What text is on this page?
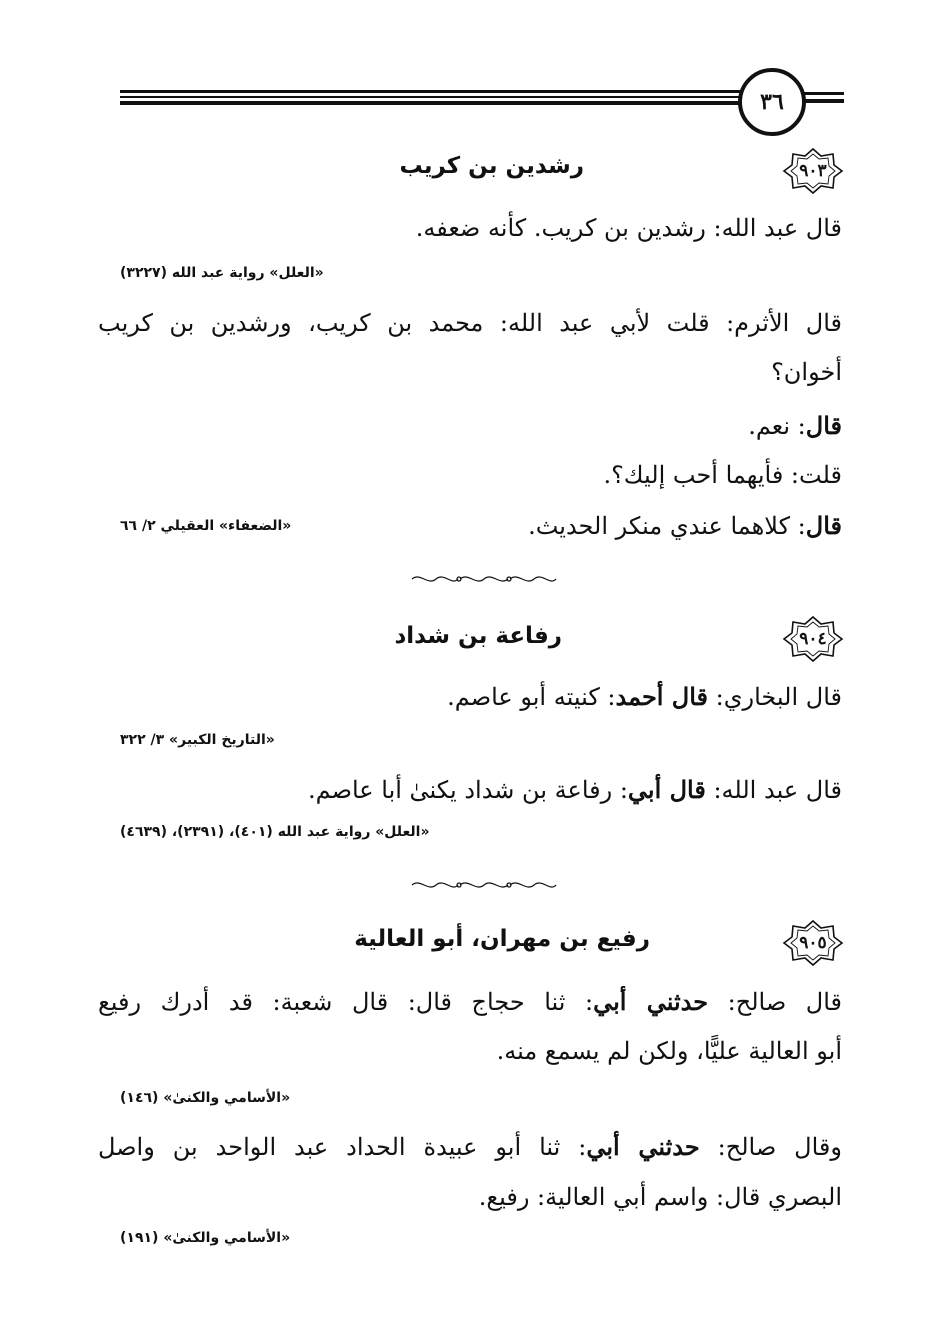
٣٦
٩٠٣
رشدين بن كريب
قال عبد الله: رشدين بن كريب. كأنه ضعفه.
«العلل» رواية عبد الله (٣٢٢٧)
قال الأثرم: قلت لأبي عبد الله: محمد بن كريب، ورشدين بن كريب
أخوان؟
قال: نعم.
قلت: فأيهما أحب إليك؟.
قال: كلاهما عندي منكر الحديث.
«الضعفاء» العقيلي ٢/ ٦٦
٩٠٤
رفاعة بن شداد
قال البخاري: قال أحمد: كنيته أبو عاصم.
«التاريخ الكبير» ٣/ ٣٢٢
قال عبد الله: قال أبي: رفاعة بن شداد يكنىٰ أبا عاصم.
«العلل» رواية عبد الله (٤٠١)، (٢٣٩١)، (٤٦٣٩)
٩٠٥
رفيع بن مهران، أبو العالية
قال صالح: حدثني أبي: ثنا حجاج قال: قال شعبة: قد أدرك رفيع
أبو العالية عليًّا، ولكن لم يسمع منه.
«الأسامي والكنىٰ» (١٤٦)
وقال صالح: حدثني أبي: ثنا أبو عبيدة الحداد عبد الواحد بن واصل
البصري قال: واسم أبي العالية: رفيع.
«الأسامي والكنىٰ» (١٩١)
